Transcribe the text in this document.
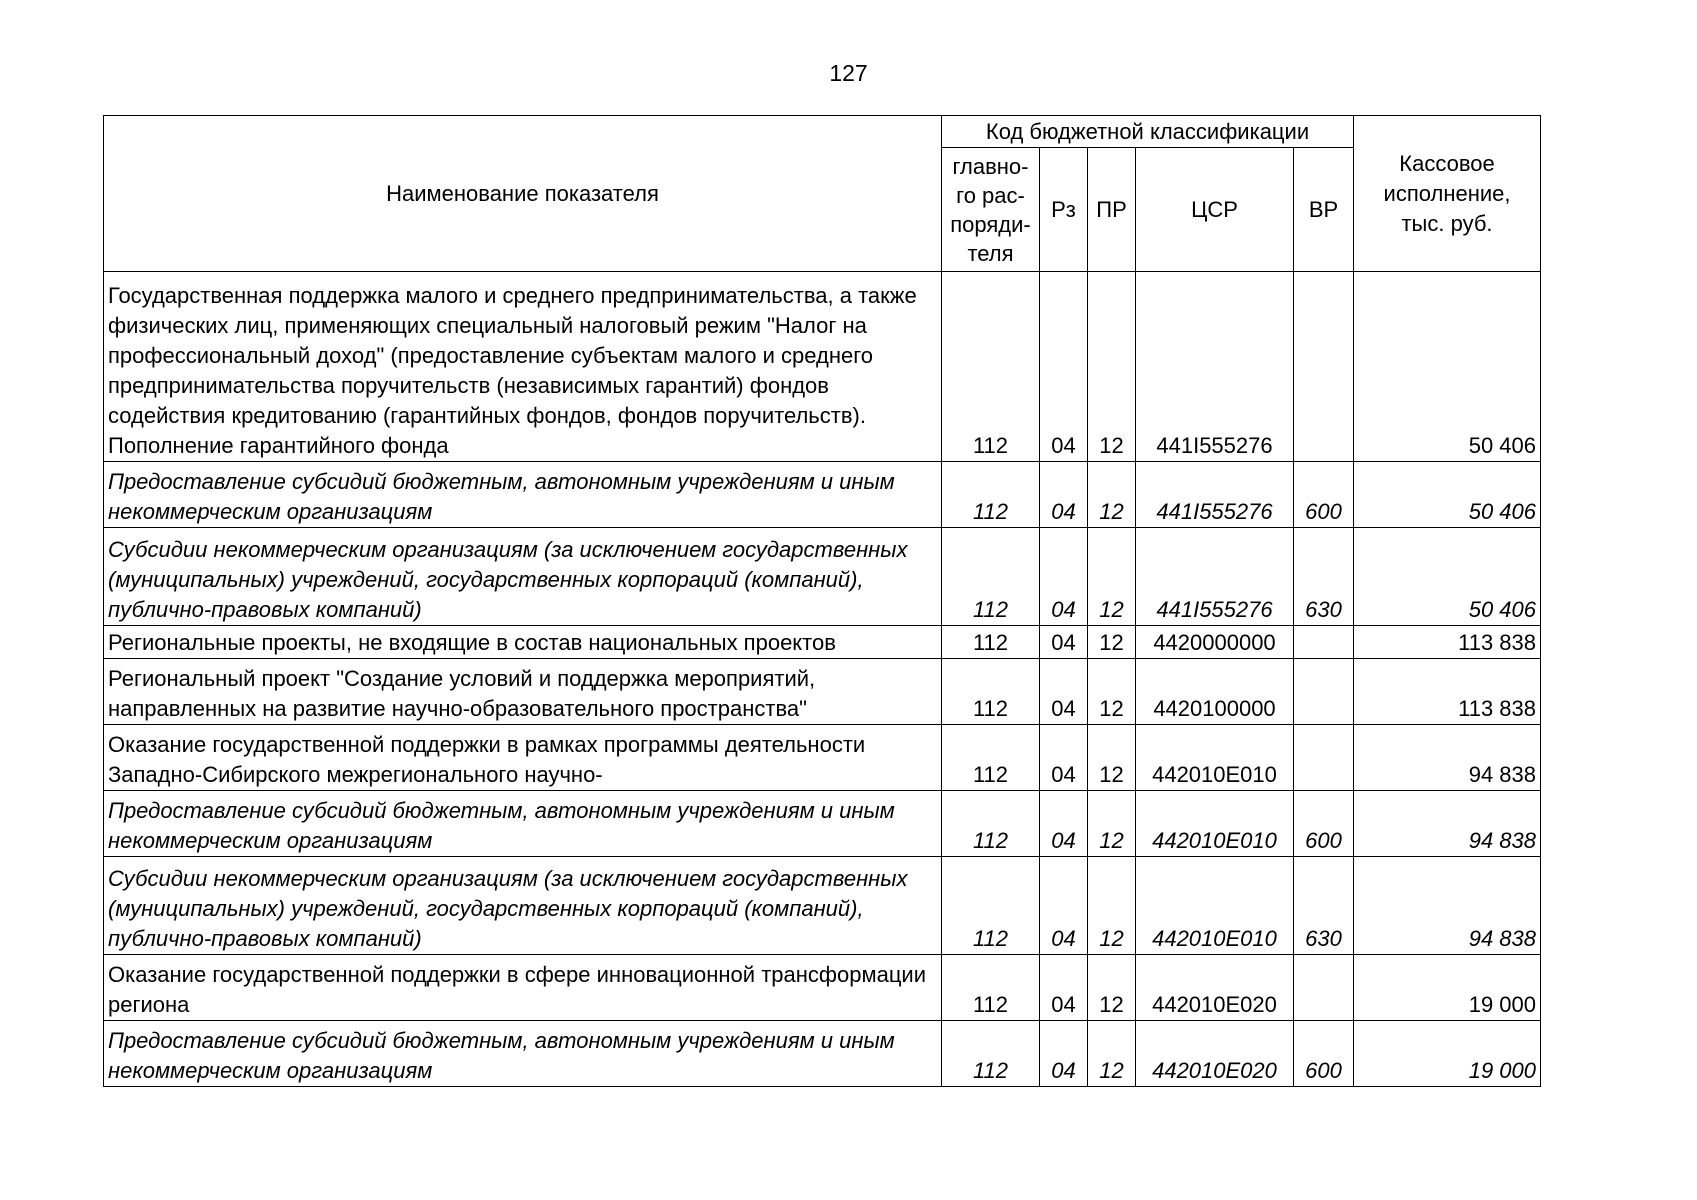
127
Наименование показателя	Код бюджетной классификации					Кассовое исполнение, тыс. руб.
	главно-го рас-поряди-теля	Рз	ПР	ЦСР	ВР	
Государственная поддержка малого и среднего предпринимательства, а также физических лиц, применяющих специальный налоговый режим "Налог на профессиональный доход" (предоставление субъектам малого и среднего предпринимательства поручительств (независимых гарантий) фондов содействия кредитованию (гарантийных фондов, фондов поручительств). Пополнение гарантийного фонда	112	04	12	441I555276		50 406
Предоставление субсидий бюджетным, автономным учреждениям и иным некоммерческим организациям	112	04	12	441I555276	600	50 406
Субсидии некоммерческим организациям (за исключением государственных (муниципальных) учреждений, государственных корпораций (компаний), публично-правовых компаний)	112	04	12	441I555276	630	50 406
Региональные проекты, не входящие в состав национальных проектов	112	04	12	4420000000		113 838
Региональный проект "Создание условий и поддержка мероприятий, направленных на развитие научно-образовательного пространства"	112	04	12	4420100000		113 838
Оказание государственной поддержки в рамках программы деятельности Западно-Сибирского межрегионального научно-	112	04	12	442010E010		94 838
Предоставление субсидий бюджетным, автономным учреждениям и иным некоммерческим организациям	112	04	12	442010E010	600	94 838
Субсидии некоммерческим организациям (за исключением государственных (муниципальных) учреждений, государственных корпораций (компаний), публично-правовых компаний)	112	04	12	442010E010	630	94 838
Оказание государственной поддержки в сфере инновационной трансформации региона	112	04	12	442010E020		19 000
Предоставление субсидий бюджетным, автономным учреждениям и иным некоммерческим организациям	112	04	12	442010E020	600	19 000
